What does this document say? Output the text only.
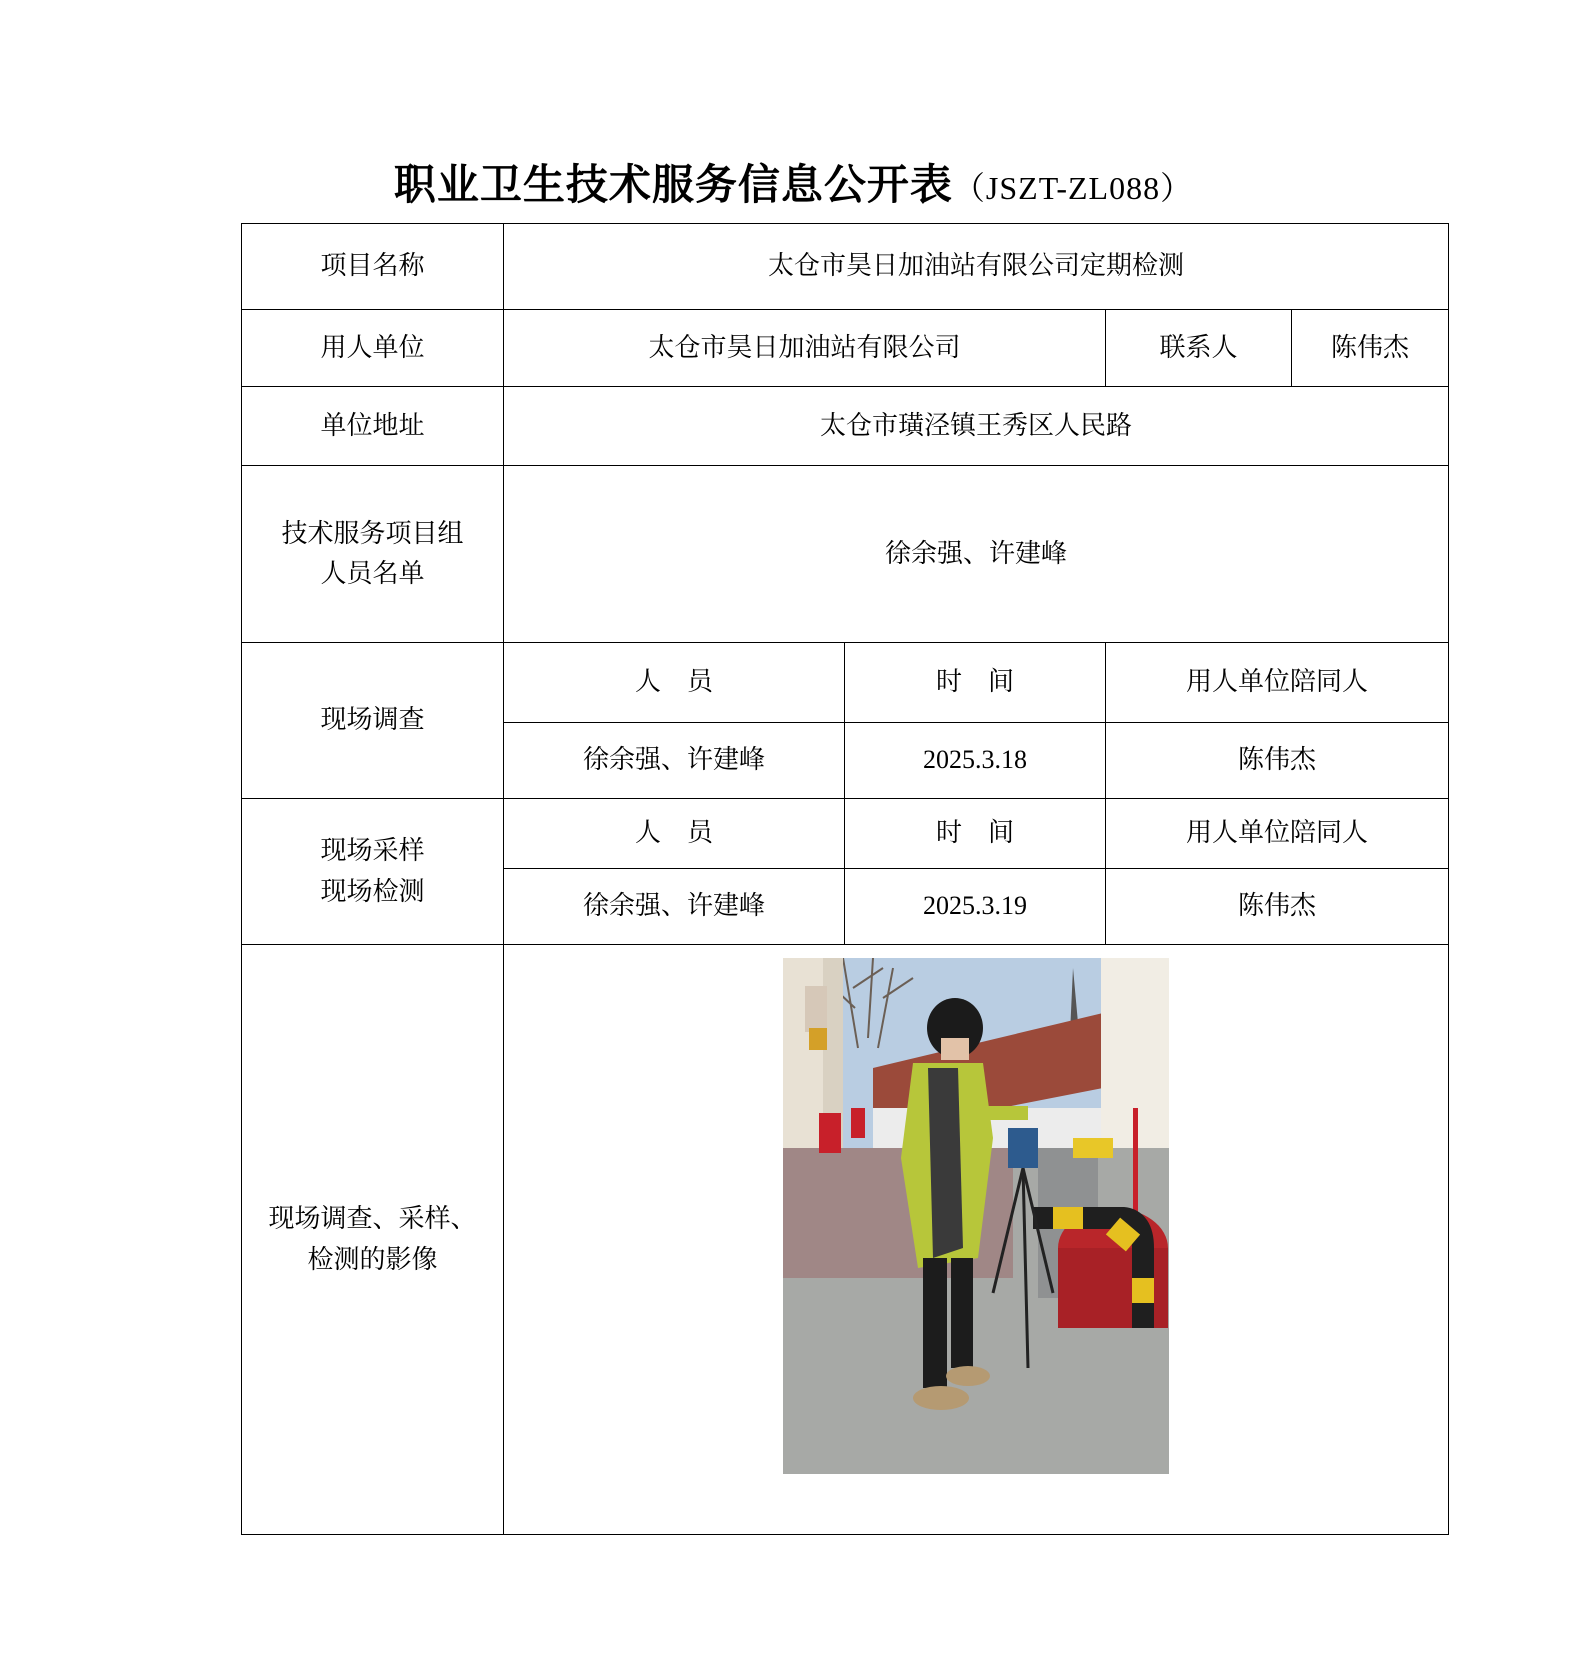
职业卫生技术服务信息公开表（JSZT-ZL088）
项目名称	太仓市昊日加油站有限公司定期检测			
用人单位	太仓市昊日加油站有限公司		联系人	陈伟杰
单位地址	太仓市璜泾镇王秀区人民路			

技术服务项目组
人员名单	徐余强、许建峰			
现场调查	人　员	时　间	用人单位陪同人	
	徐余强、许建峰	2025.3.18	陈伟杰	

现场采样
现场检测	人　员	时　间	用人单位陪同人	
	徐余强、许建峰	2025.3.19	陈伟杰	

现场调查、采样、
检测的影像
